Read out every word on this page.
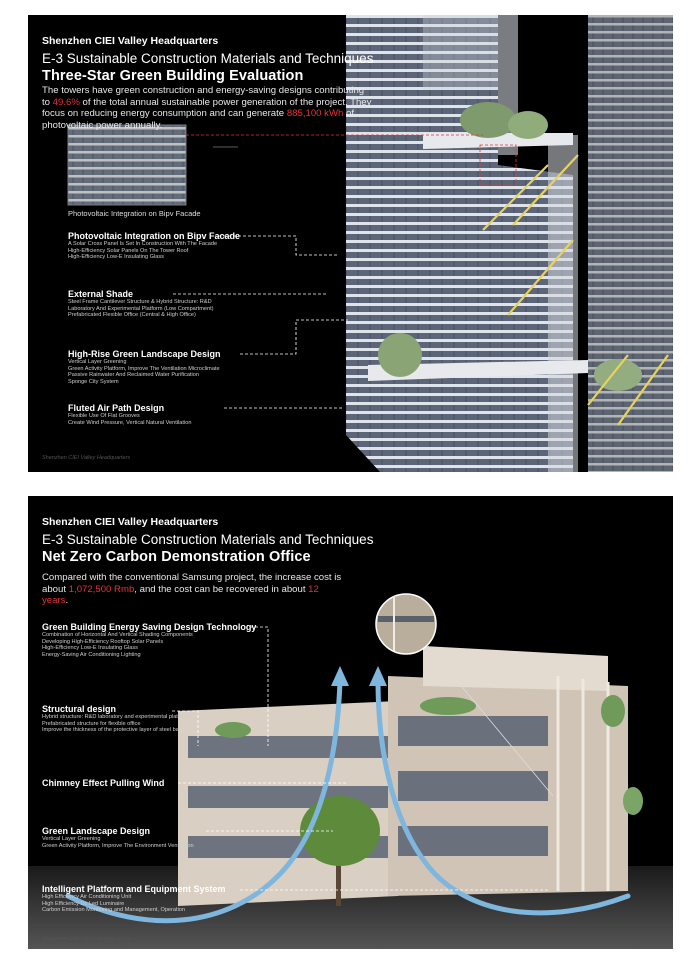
Shenzhen CIEI Valley Headquarters
E-3 Sustainable Construction Materials and Techniques
Three-Star Green Building Evaluation
The towers have green construction and energy-saving designs contributing to 49.6% of the total annual sustainable power generation of the project. They focus on reducing energy consumption and can generate 885,100 kWh of photovoltaic power annually.
Photovoltaic Integration on Bipv Facade
Photovoltaic Integration on Bipv Facade
A Solar Cross Panel Is Set In Construction With The Facade
High-Efficiency Solar Panels On The Tower Roof
High-Efficiency Low-E Insulating Glass
External Shade
Steel Frame Cantilever Structure & Hybrid Structure: R&D
Laboratory And Experimental Platform (Low Compartment)
Prefabricated Flexible Office (Central & High Office)
High-Rise Green Landscape Design
Vertical Layer Greening
Green Activity Platform, Improve The Ventilation Microclimate
Passive Rainwater And Reclaimed Water Purification
Sponge City System
Fluted Air Path Design
Flexible Use Of Flat Grooves
Create Wind Pressure, Vertical Natural Ventilation
Shenzhen CIEI Valley Headquarters
Shenzhen CIEI Valley Headquarters
E-3 Sustainable Construction Materials and Techniques
Net Zero Carbon Demonstration Office
Compared with the conventional Samsung project, the increase cost is about 1,072,500 Rmb, and the cost can be recovered in about 12 years.
Green Building Energy Saving Design Technology
Combination of Horizontal And Vertical Shading Components
Developing High-Efficiency Rooftop Solar Panels
High-Efficiency Low-E Insulating Glass
Energy-Saving Air Conditioning Lighting
Structural design
Hybrid structure: R&D laboratory and experimental platform
Prefabricated structure for flexible office
Improve the thickness of the protective layer of steel bar
Chimney Effect Pulling Wind
Green Landscape Design
Vertical Layer Greening
Green Activity Platform, Improve The Environment Ventilation
Intelligent Platform and Equipment System
High Efficiency Air Conditioning Unit
High Efficiency Dc Led Luminaire
Carbon Emission Monitoring and Management, Operation
Shenzhen CIEI Valley Headquarters
